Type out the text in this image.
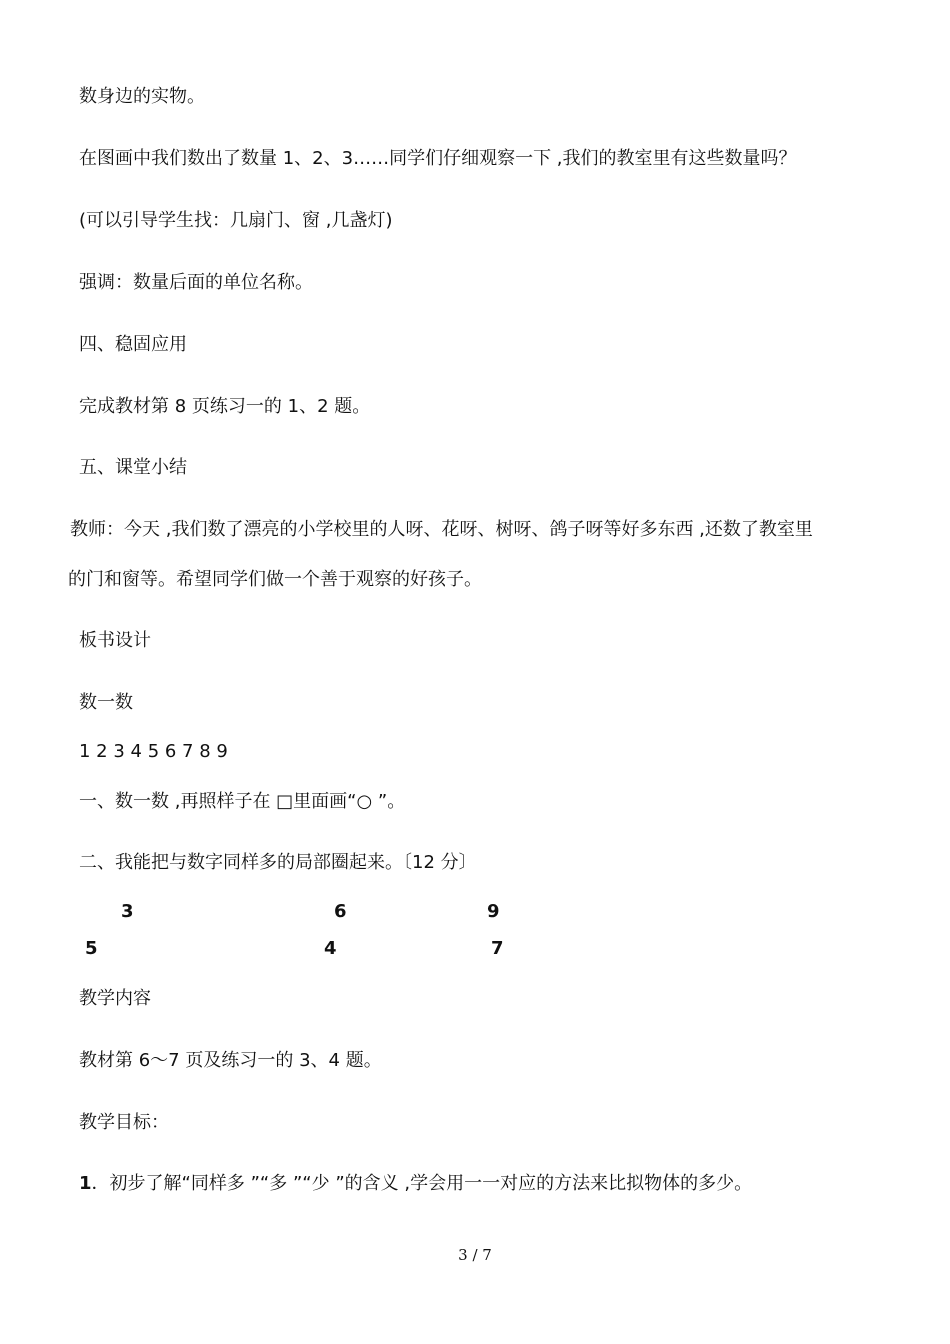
数身边的实物。
在图画中我们数出了数量 1、2、3……同学们仔细观察一下 ,我们的教室里有这些数量吗？
(可以引导学生找：几扇门、窗 ,几盏灯)
强调：数量后面的单位名称。
四、稳固应用
完成教材第 8 页练习一的 1、2 题。
五、课堂小结
教师：今天 ,我们数了漂亮的小学校里的人呀、花呀、树呀、鸽子呀等好多东西 ,还数了教室里
的门和窗等。希望同学们做一个善于观察的好孩子。
板书设计
数一数
1 2 3 4 5 6 7 8 9
一、数一数 ,再照样子在 □里面画“○ ”。
二、我能把与数字同样多的局部圈起来。〔12 分〕
3	6	9
5	4	7
教学内容
教材第 6～7 页及练习一的 3、4 题。
教学目标：
1．初步了解“同样多 ”“多 ”“少 ”的含义 ,学会用一一对应的方法来比拟物体的多少。
3 / 7
